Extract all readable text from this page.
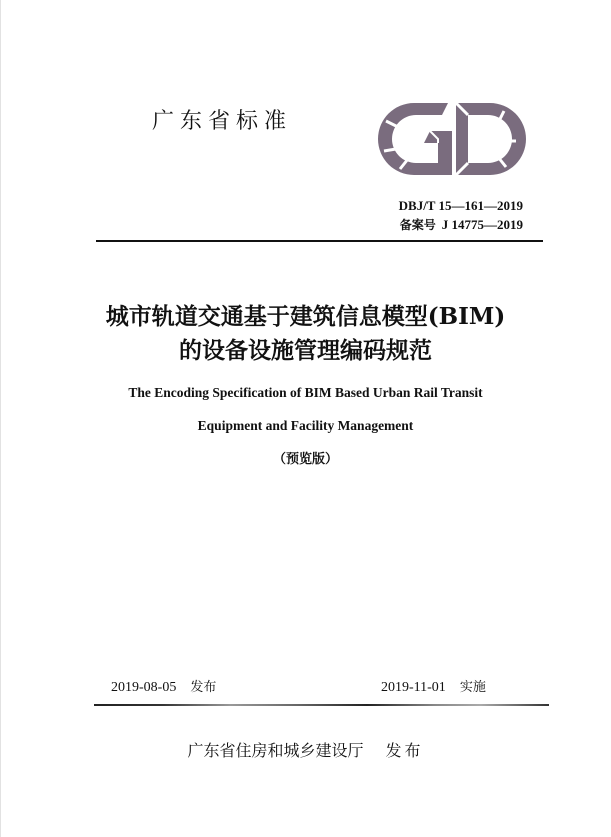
广东省标准
DBJ/T 15—161—2019
备案号 J 14775—2019
城市轨道交通基于建筑信息模型(BIM)
的设备设施管理编码规范
The Encoding Specification of BIM Based Urban Rail Transit
Equipment and Facility Management
（预览版）
2019-08-05 发布	2019-11-01 实施
广东省住房和城乡建设厅 发布
